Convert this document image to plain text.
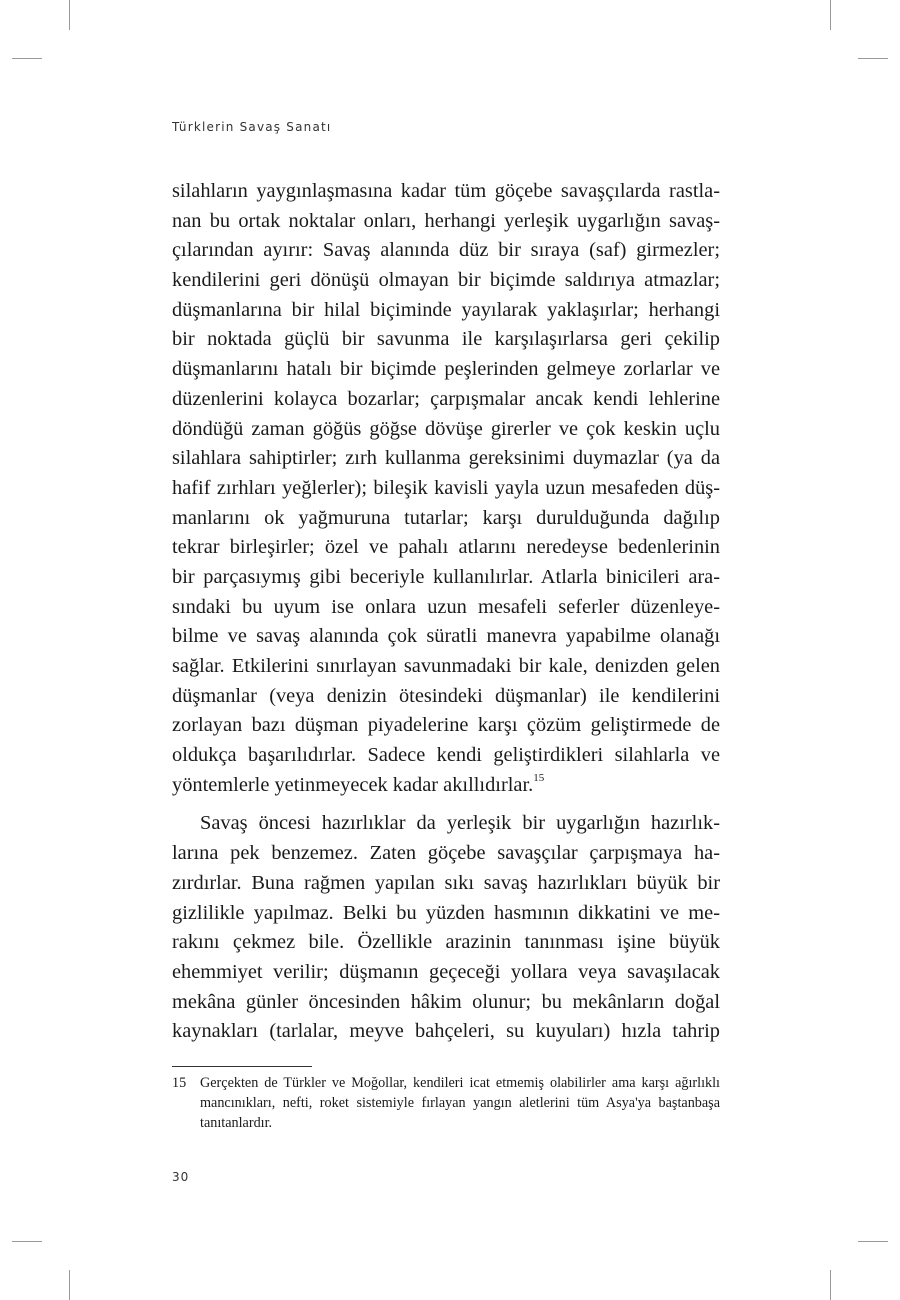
Türklerin Savaş Sanatı

silahların yaygınlaşmasına kadar tüm göçebe savaşçılarda rastla-
nan bu ortak noktalar onları, herhangi yerleşik uygarlığın savaş-
çılarından ayırır: Savaş alanında düz bir sıraya (saf) girmezler;
kendilerini geri dönüşü olmayan bir biçimde saldırıya atmazlar;
düşmanlarına bir hilal biçiminde yayılarak yaklaşırlar; herhangi
bir noktada güçlü bir savunma ile karşılaşırlarsa geri çekilip
düşmanlarını hatalı bir biçimde peşlerinden gelmeye zorlarlar ve
düzenlerini kolayca bozarlar; çarpışmalar ancak kendi lehlerine
döndüğü zaman göğüs göğse dövüşe girerler ve çok keskin uçlu
silahlara sahiptirler; zırh kullanma gereksinimi duymazlar (ya da
hafif zırhları yeğlerler); bileşik kavisli yayla uzun mesafeden düş-
manlarını ok yağmuruna tutarlar; karşı durulduğunda dağılıp
tekrar birleşirler; özel ve pahalı atlarını neredeyse bedenlerinin
bir parçasıymış gibi beceriyle kullanılırlar. Atlarla binicileri ara-
sındaki bu uyum ise onlara uzun mesafeli seferler düzenleye-
bilme ve savaş alanında çok süratli manevra yapabilme olanağı
sağlar. Etkilerini sınırlayan savunmadaki bir kale, denizden gelen
düşmanlar (veya denizin ötesindeki düşmanlar) ile kendilerini
zorlayan bazı düşman piyadelerine karşı çözüm geliştirmede de
oldukça başarılıdırlar. Sadece kendi geliştirdikleri silahlarla ve

yöntemlerle yetinmeyecek kadar akıllıdırlar.$^{15}$

Savaş öncesi hazırlıklar da yerleşik bir uygarlığın hazırlık-
larına pek benzemez. Zaten göçebe savaşçılar çarpışmaya ha-
zırdırlar. Buna rağmen yapılan sıkı savaş hazırlıkları büyük bir
gizlilikle yapılmaz. Belki bu yüzden hasmının dikkatini ve me-
rakını çekmez bile. Özellikle arazinin tanınması işine büyük
ehemmiyet verilir; düşmanın geçeceği yollara veya savaşılacak
mekâna günler öncesinden hâkim olunur; bu mekânların doğal
kaynakları (tarlalar, meyve bahçeleri, su kuyuları) hızla tahrip

15 Gerçekten de Türkler ve Moğollar, kendileri icat etmemiş olabilirler ama karşı ağırlıklı mancınıkları, nefti, roket sistemiyle fırlayan yangın aletlerini tüm Asya'ya baştanbaşa tanıtanlardır.
30
